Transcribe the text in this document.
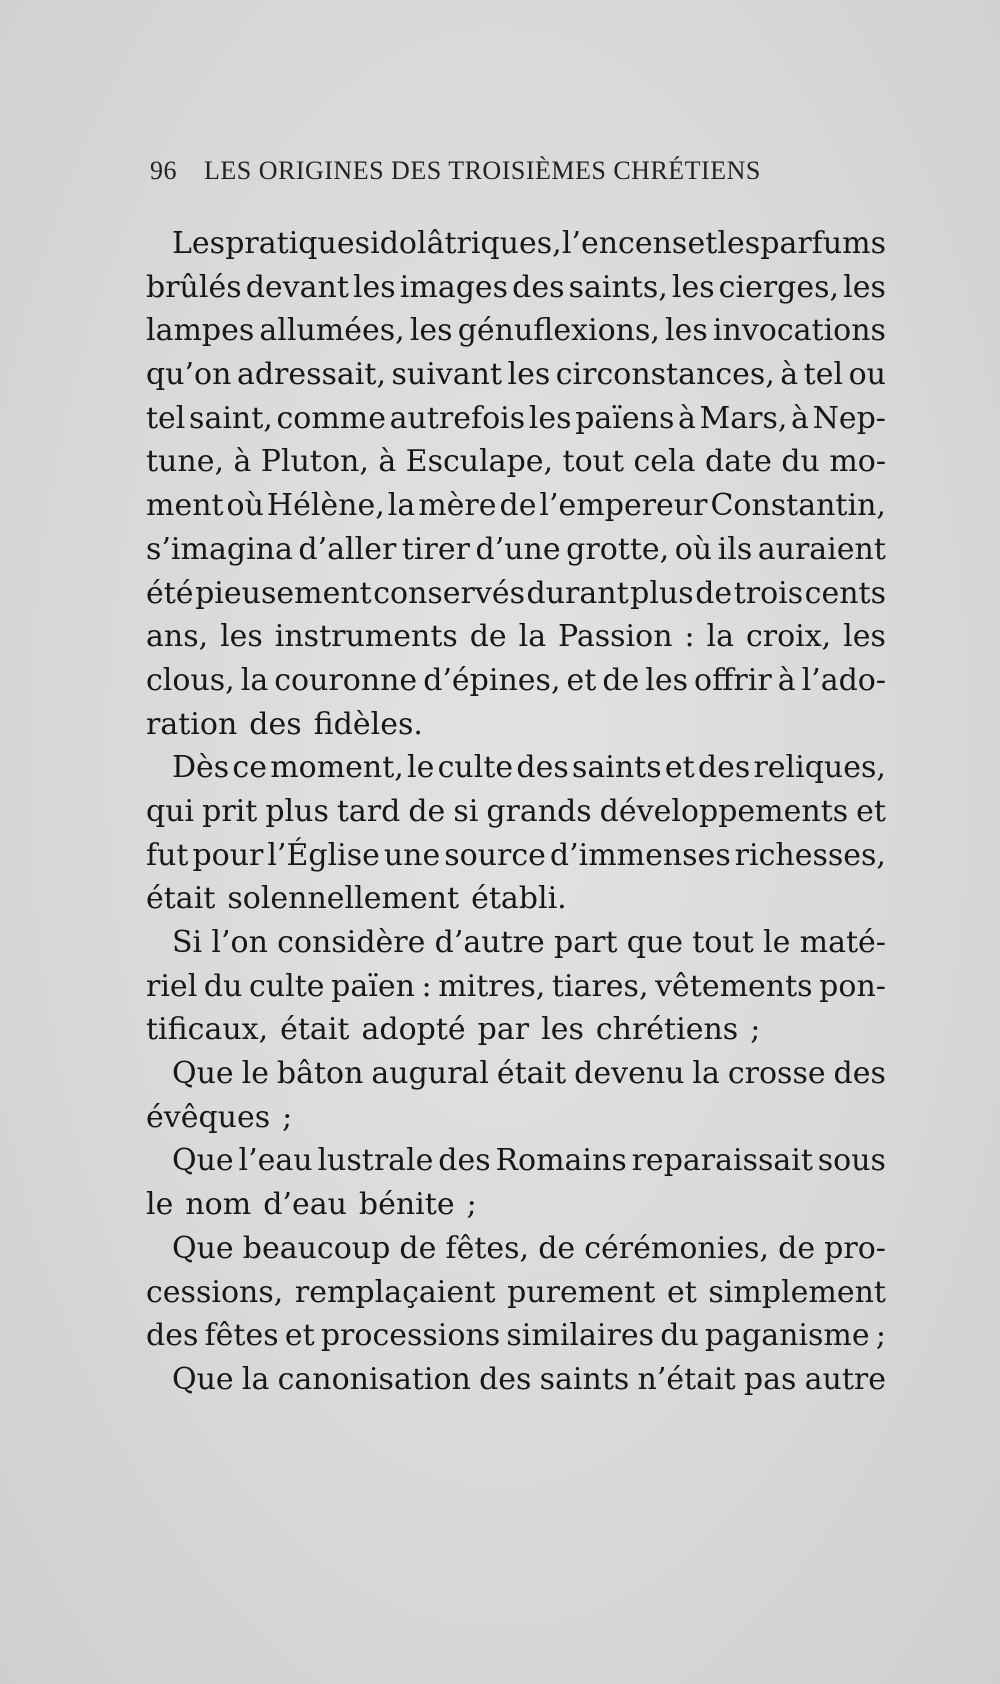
96 LES ORIGINES DES TROISIÈMES CHRÉTIENS
Les pratiques idolâtriques, l’encens et les parfums
brûlés devant les images des saints, les cierges, les
lampes allumées, les génuflexions, les invocations
qu’on adressait, suivant les circonstances, à tel ou
tel saint, comme autrefois les païens à Mars, à Nep-
tune, à Pluton, à Esculape, tout cela date du mo-
ment où Hélène, la mère de l’empereur Constantin,
s’imagina d’aller tirer d’une grotte, où ils auraient
été pieusement conservés durant plus de trois cents
ans, les instruments de la Passion : la croix, les
clous, la couronne d’épines, et de les offrir à l’ado-
ration des fidèles.
Dès ce moment, le culte des saints et des reliques,
qui prit plus tard de si grands développements et
fut pour l’Église une source d’immenses richesses,
était solennellement établi.
Si l’on considère d’autre part que tout le maté-
riel du culte païen : mitres, tiares, vêtements pon-
tificaux, était adopté par les chrétiens ;
Que le bâton augural était devenu la crosse des
évêques ;
Que l’eau lustrale des Romains reparaissait sous
le nom d’eau bénite ;
Que beaucoup de fêtes, de cérémonies, de pro-
cessions, remplaçaient purement et simplement
des fêtes et processions similaires du paganisme ;
Que la canonisation des saints n’était pas autre
